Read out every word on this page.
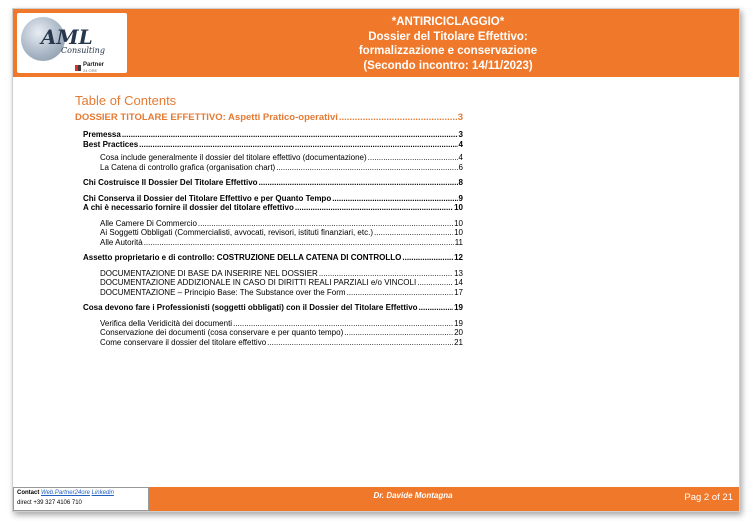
AML
Consulting
Partner
24 ORE
*ANTIRICICLAGGIO*
Dossier del Titolare Effettivo:
formalizzazione e conservazione
(Secondo incontro: 14/11/2023)
Table of Contents
DOSSIER TITOLARE EFFETTIVO: Aspetti Pratico-operativi .....	3
Premessa .....	3
Best Practices .....	4
Cosa include generalmente il dossier del titolare effettivo (documentazione) .....	4
La Catena di controllo grafica (organisation chart) .....	6
Chi Costruisce Il Dossier Del Titolare Effettivo .....	8
Chi Conserva il Dossier del Titolare Effettivo e per Quanto Tempo .....	9
A chi è necessario fornire il dossier del titolare effettivo .....	10
Alle Camere Di Commercio .....	10
Ai Soggetti Obbligati (Commercialisti, avvocati, revisori, istituti finanziari, etc.) .....	10
Alle Autorità .....	11
Assetto proprietario e di controllo: COSTRUZIONE DELLA CATENA DI CONTROLLO .....	12
DOCUMENTAZIONE DI BASE DA INSERIRE NEL DOSSIER .....	13
DOCUMENTAZIONE ADDIZIONALE IN CASO DI DIRITTI REALI PARZIALI e/o VINCOLI .....	14
DOCUMENTAZIONE – Principio Base: The Substance over the Form .....	17
Cosa devono fare i Professionisti (soggetti obbligati) con il Dossier del Titolare Effettivo .....	19
Verifica della Veridicità dei documenti .....	19
Conservazione dei documenti (cosa conservare e per quanto tempo) .....	20
Come conservare il dossier del titolare effettivo .....	21
Contact Web.Partner24ore Linkedin
direct +39 327 4106 710
Dr. Davide Montagna	Pag 2 of 21
